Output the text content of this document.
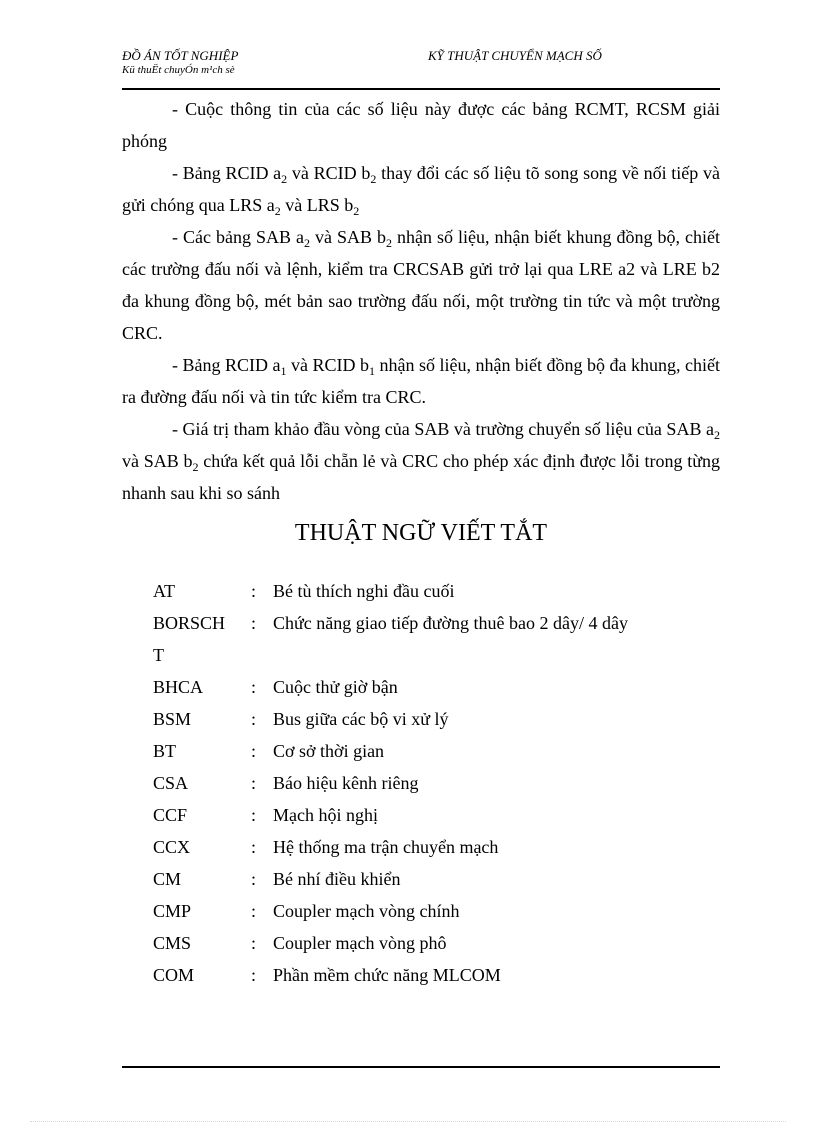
ĐỒ ÁN TỐT NGHIỆP
Kü thuËt chuyÓn m¹ch sè
KỸ THUẬT CHUYỂN MẠCH SỐ

- Cuộc thông tin của các số liệu này được các bảng RCMT, RCSM giải phóng

- Bảng RCID $a_2$ và RCID $b_2$ thay đổi các số liệu tõ song song về nối tiếp và gửi chóng qua LRS $a_2$ và LRS $b_2$

- Các bảng SAB $a_2$ và SAB $b_2$ nhận số liệu, nhận biết khung đồng bộ, chiết các trường đấu nối và lệnh, kiểm tra CRCSAB gửi trở lại qua LRE a2 và LRE b2 đa khung đồng bộ, mét bản sao trường đấu nối, một trường tin tức và một trường CRC.

- Bảng RCID $a_1$ và RCID $b_1$ nhận số liệu, nhận biết đồng bộ đa khung, chiết ra đường đấu nối và tin tức kiểm tra CRC.

- Giá trị tham khảo đầu vòng của SAB và trường chuyển số liệu của SAB $a_2$ và SAB $b_2$ chứa kết quả lỗi chẵn lẻ và CRC cho phép xác định được lỗi trong từng nhanh sau khi so sánh

THUẬT NGỮ VIẾT TẮT
AT	: Bé tù thích nghi đầu cuối
BORSCH	: Chức năng giao tiếp đường thuê bao 2 dây/ 4 dây
T
BHCA	: Cuộc thử giờ bận
BSM	: Bus giữa các bộ vi xử lý
BT	: Cơ sở thời gian
CSA	: Báo hiệu kênh riêng
CCF	: Mạch hội nghị
CCX	: Hệ thống ma trận chuyển mạch
CM	: Bé nhí điều khiển
CMP	: Coupler mạch vòng chính
CMS	: Coupler mạch vòng phô
COM	: Phần mềm chức năng MLCOM
